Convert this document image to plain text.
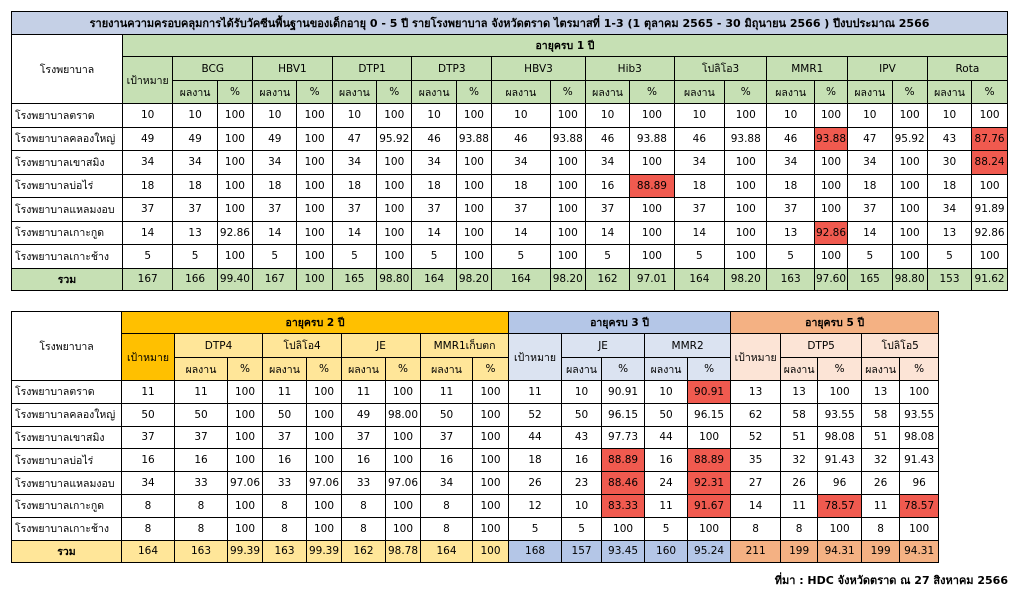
รายงานความครอบคลุมการได้รับวัคซีนพื้นฐานของเด็กอายุ 0 - 5 ปี รายโรงพยาบาล จังหวัดตราด ไตรมาสที่ 1-3 (1 ตุลาคม 2565 - 30 มิถุนายน 2566 ) ปีงบประมาณ 2566																					
โรงพยาบาล	อายุครบ 1 ปี																				
	เป้าหมาย	BCG		HBV1		DTP1		DTP3		HBV3		Hib3		โปลิโอ3		MMR1		IPV		Rota	
		ผลงาน	%	ผลงาน	%	ผลงาน	%	ผลงาน	%	ผลงาน	%	ผลงาน	%	ผลงาน	%	ผลงาน	%	ผลงาน	%	ผลงาน	%
โรงพยาบาลตราด	10	10	100	10	100	10	100	10	100	10	100	10	100	10	100	10	100	10	100	10	100
โรงพยาบาลคลองใหญ่	49	49	100	49	100	47	95.92	46	93.88	46	93.88	46	93.88	46	93.88	46	93.88	47	95.92	43	87.76
โรงพยาบาลเขาสมิง	34	34	100	34	100	34	100	34	100	34	100	34	100	34	100	34	100	34	100	30	88.24
โรงพยาบาลบ่อไร่	18	18	100	18	100	18	100	18	100	18	100	16	88.89	18	100	18	100	18	100	18	100
โรงพยาบาลแหลมงอบ	37	37	100	37	100	37	100	37	100	37	100	37	100	37	100	37	100	37	100	34	91.89
โรงพยาบาลเกาะกูด	14	13	92.86	14	100	14	100	14	100	14	100	14	100	14	100	13	92.86	14	100	13	92.86
โรงพยาบาลเกาะช้าง	5	5	100	5	100	5	100	5	100	5	100	5	100	5	100	5	100	5	100	5	100
รวม	167	166	99.40	167	100	165	98.80	164	98.20	164	98.20	162	97.01	164	98.20	163	97.60	165	98.80	153	91.62
โรงพยาบาล	อายุครบ 2 ปี									อายุครบ 3 ปี					อายุครบ 5 ปี				
	เป้าหมาย	DTP4		โปลิโอ4		JE		MMR1เก็บตก		เป้าหมาย	JE		MMR2		เป้าหมาย	DTP5		โปลิโอ5	
		ผลงาน	%	ผลงาน	%	ผลงาน	%	ผลงาน	%		ผลงาน	%	ผลงาน	%		ผลงาน	%	ผลงาน	%
โรงพยาบาลตราด	11	11	100	11	100	11	100	11	100	11	10	90.91	10	90.91	13	13	100	13	100
โรงพยาบาลคลองใหญ่	50	50	100	50	100	49	98.00	50	100	52	50	96.15	50	96.15	62	58	93.55	58	93.55
โรงพยาบาลเขาสมิง	37	37	100	37	100	37	100	37	100	44	43	97.73	44	100	52	51	98.08	51	98.08
โรงพยาบาลบ่อไร่	16	16	100	16	100	16	100	16	100	18	16	88.89	16	88.89	35	32	91.43	32	91.43
โรงพยาบาลแหลมงอบ	34	33	97.06	33	97.06	33	97.06	34	100	26	23	88.46	24	92.31	27	26	96	26	96
โรงพยาบาลเกาะกูด	8	8	100	8	100	8	100	8	100	12	10	83.33	11	91.67	14	11	78.57	11	78.57
โรงพยาบาลเกาะช้าง	8	8	100	8	100	8	100	8	100	5	5	100	5	100	8	8	100	8	100
รวม	164	163	99.39	163	99.39	162	98.78	164	100	168	157	93.45	160	95.24	211	199	94.31	199	94.31
ที่มา : HDC จังหวัดตราด ณ 27 สิงหาคม 2566
